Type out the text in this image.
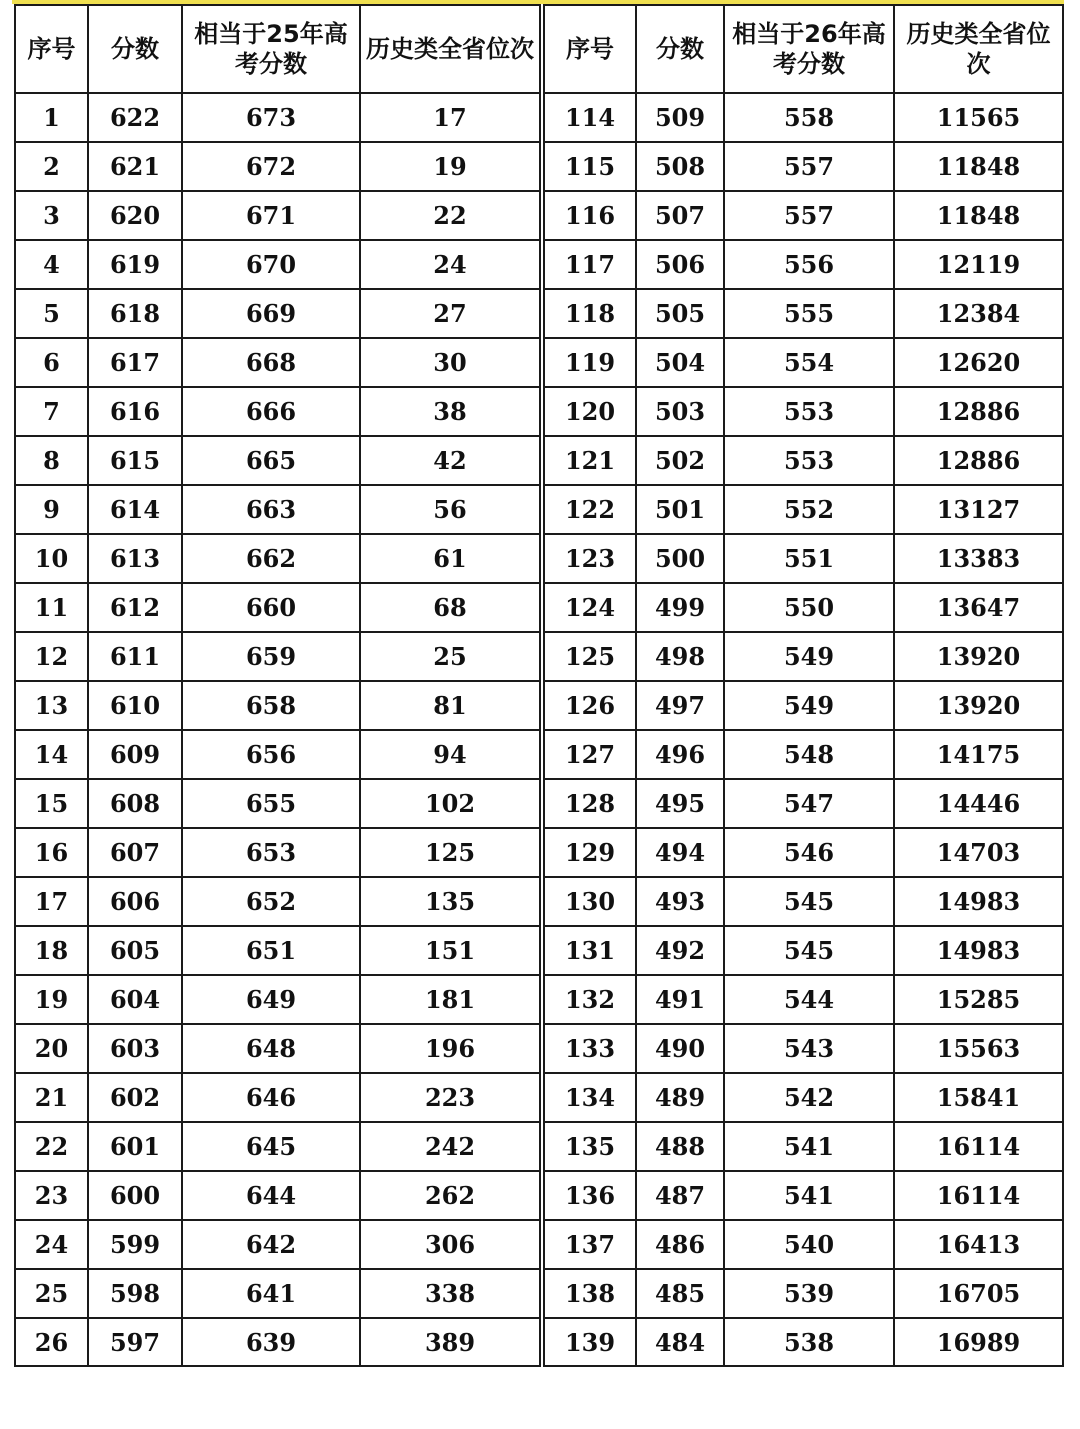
序号	分数	相当于25年高考分数	历史类全省位次	序号	分数	相当于26年高考分数	历史类全省位次
1	622	673	17	114	509	558	11565
2	621	672	19	115	508	557	11848
3	620	671	22	116	507	557	11848
4	619	670	24	117	506	556	12119
5	618	669	27	118	505	555	12384
6	617	668	30	119	504	554	12620
7	616	666	38	120	503	553	12886
8	615	665	42	121	502	553	12886
9	614	663	56	122	501	552	13127
10	613	662	61	123	500	551	13383
11	612	660	68	124	499	550	13647
12	611	659	25	125	498	549	13920
13	610	658	81	126	497	549	13920
14	609	656	94	127	496	548	14175
15	608	655	102	128	495	547	14446
16	607	653	125	129	494	546	14703
17	606	652	135	130	493	545	14983
18	605	651	151	131	492	545	14983
19	604	649	181	132	491	544	15285
20	603	648	196	133	490	543	15563
21	602	646	223	134	489	542	15841
22	601	645	242	135	488	541	16114
23	600	644	262	136	487	541	16114
24	599	642	306	137	486	540	16413
25	598	641	338	138	485	539	16705
26	597	639	389	139	484	538	16989
